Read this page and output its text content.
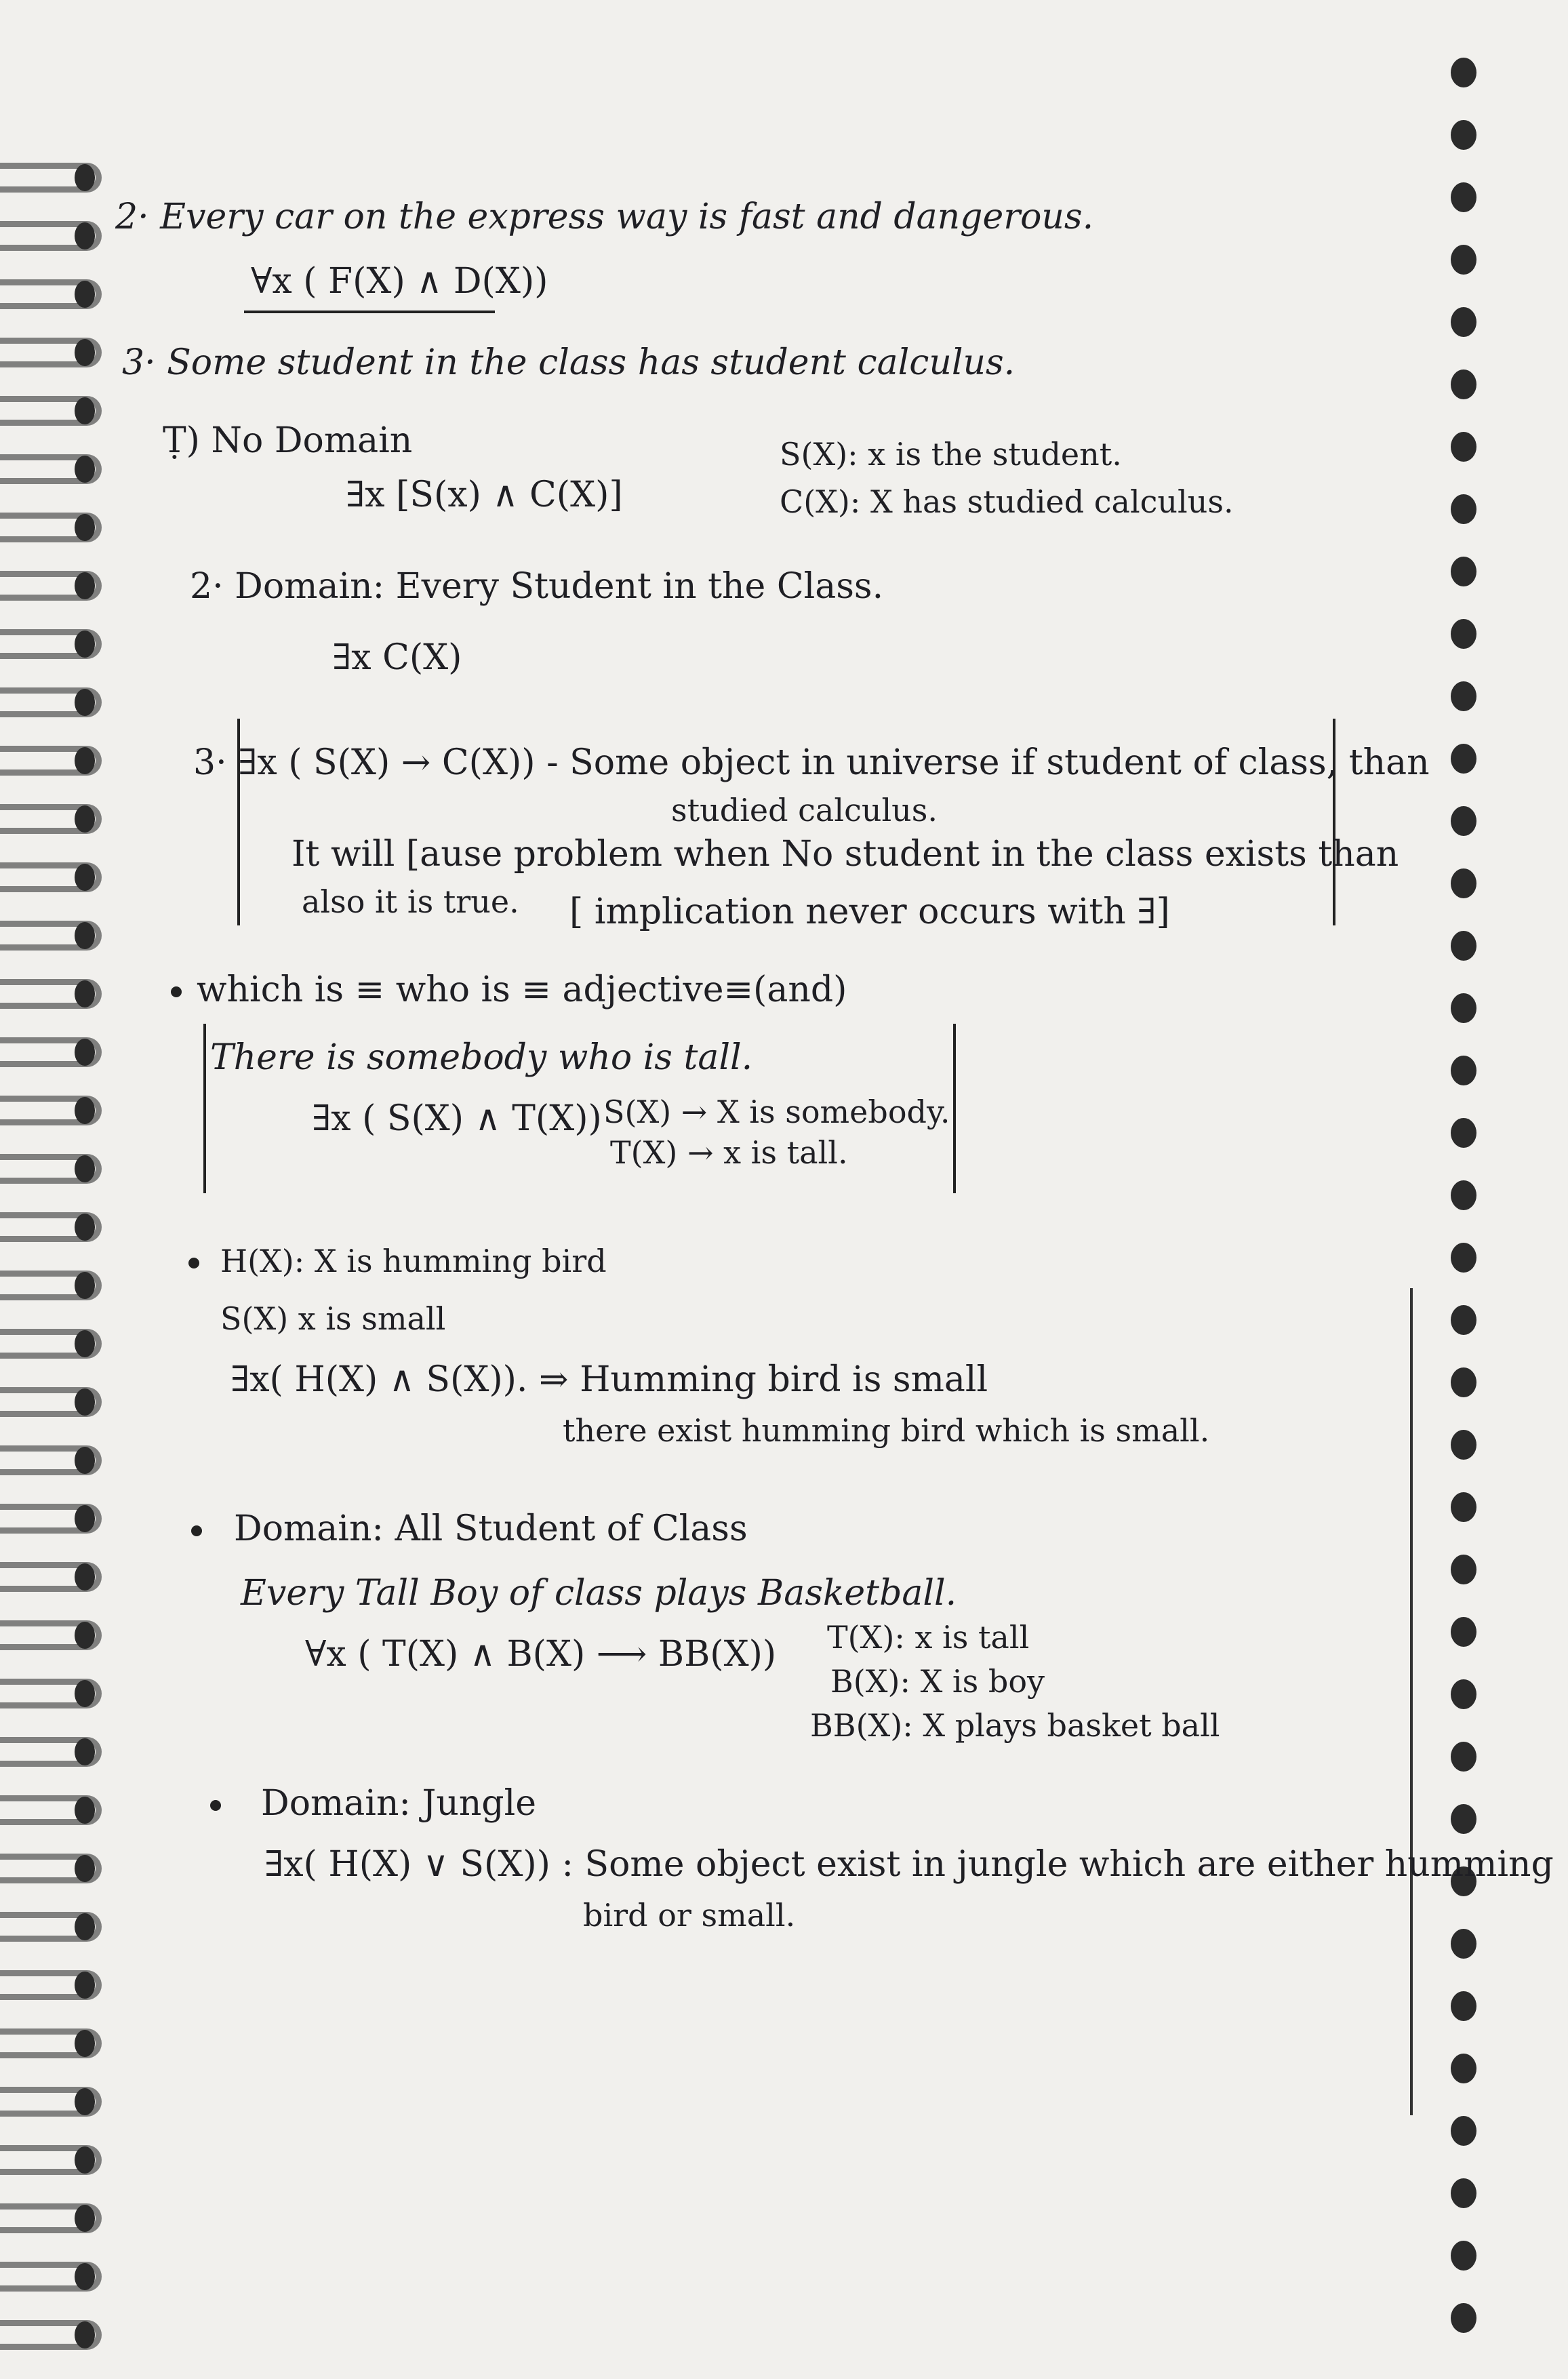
2· Every car on the express way is fast and dangerous.
∀x ( F(X) ∧ D(X))
3· Some student in the class has student calculus.
Ṭ) No Domain
∃x [S(x) ∧ C(X)]
S(X): x is the student.
C(X): X has studied calculus.
2· Domain: Every Student in the Class.
∃x C(X)
3· ∃x ( S(X) → C(X)) - Some object in universe if student of class, than
studied calculus.
It will [ause problem when No student in the class exists than
also it is true. [ implication never occurs with ∃]
which is ≡ who is ≡ adjective≡(and)
There is somebody who is tall.
∃x ( S(X) ∧ T(X)) S(X) → X is somebody.
T(X) → x is tall.
H(X): X is humming bird
S(X) x is small
∃x( H(X) ∧ S(X)). ⇒ Humming bird is small
there exist humming bird which is small.
Domain: All Student of Class
Every Tall Boy of class plays Basketball.
∀x ( T(X) ∧ B(X) ⟶ BB(X)) T(X): x is tall
B(X): X is boy
BB(X): X plays basket ball
Domain: Jungle
∃x( H(X) ∨ S(X)) : Some object exist in jungle which are either humming
bird or small.
